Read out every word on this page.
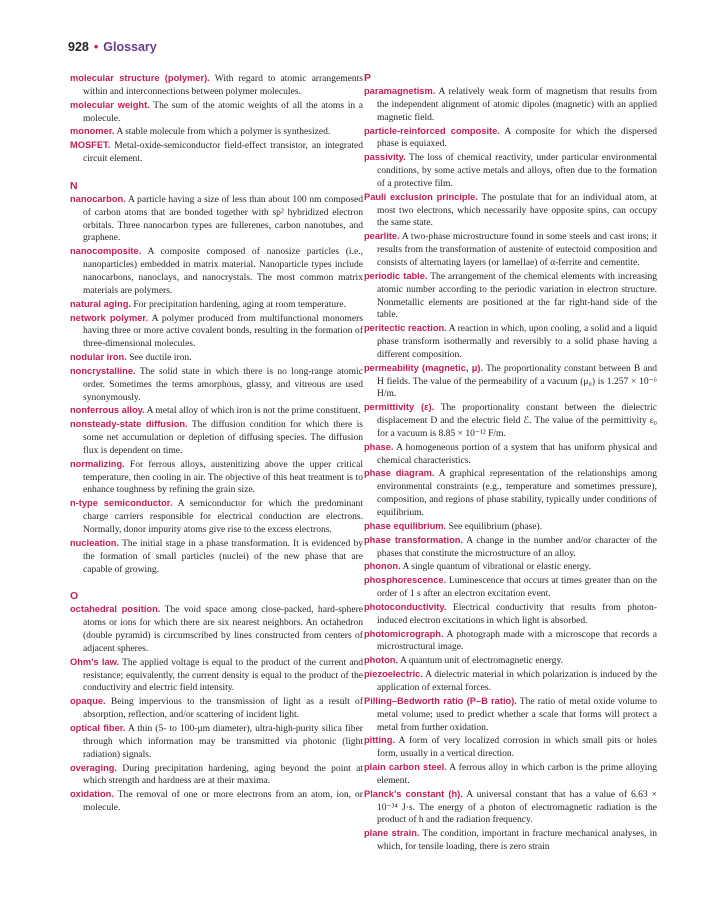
928 • Glossary

molecular structure (polymer). With regard to atomic arrangements within and interconnections between polymer molecules.

molecular weight. The sum of the atomic weights of all the atoms in a molecule.

monomer. A stable molecule from which a polymer is synthesized.

MOSFET. Metal-oxide-semiconductor field-effect transistor, an integrated circuit element.

N

nanocarbon. A particle having a size of less than about 100 nm composed of carbon atoms that are bonded together with sp² hybridized electron orbitals. Three nanocarbon types are fullerenes, carbon nanotubes, and graphene.

nanocomposite. A composite composed of nanosize particles (i.e., nanoparticles) embedded in matrix material. Nanoparticle types include nanocarbons, nanoclays, and nanocrystals. The most common matrix materials are polymers.

natural aging. For precipitation hardening, aging at room temperature.

network polymer. A polymer produced from multifunctional monomers having three or more active covalent bonds, resulting in the formation of three-dimensional molecules.

nodular iron. See ductile iron.

noncrystalline. The solid state in which there is no long-range atomic order. Sometimes the terms amorphous, glassy, and vitreous are used synonymously.

nonferrous alloy. A metal alloy of which iron is not the prime constituent.

nonsteady-state diffusion. The diffusion condition for which there is some net accumulation or depletion of diffusing species. The diffusion flux is dependent on time.

normalizing. For ferrous alloys, austenitizing above the upper critical temperature, then cooling in air. The objective of this heat treatment is to enhance toughness by refining the grain size.

n-type semiconductor. A semiconductor for which the predominant charge carriers responsible for electrical conduction are electrons. Normally, donor impurity atoms give rise to the excess electrons.

nucleation. The initial stage in a phase transformation. It is evidenced by the formation of small particles (nuclei) of the new phase that are capable of growing.

O

octahedral position. The void space among close-packed, hard-sphere atoms or ions for which there are six nearest neighbors. An octahedron (double pyramid) is circumscribed by lines constructed from centers of adjacent spheres.

Ohm’s law. The applied voltage is equal to the product of the current and resistance; equivalently, the current density is equal to the product of the conductivity and electric field intensity.

opaque. Being impervious to the transmission of light as a result of absorption, reflection, and/or scattering of incident light.

optical fiber. A thin (5- to 100-μm diameter), ultra-high-purity silica fiber through which information may be transmitted via photonic (light radiation) signals.

overaging. During precipitation hardening, aging beyond the point at which strength and hardness are at their maxima.

oxidation. The removal of one or more electrons from an atom, ion, or molecule.

P

paramagnetism. A relatively weak form of magnetism that results from the independent alignment of atomic dipoles (magnetic) with an applied magnetic field.

particle-reinforced composite. A composite for which the dispersed phase is equiaxed.

passivity. The loss of chemical reactivity, under particular environmental conditions, by some active metals and alloys, often due to the formation of a protective film.

Pauli exclusion principle. The postulate that for an individual atom, at most two electrons, which necessarily have opposite spins, can occupy the same state.

pearlite. A two-phase microstructure found in some steels and cast irons; it results from the transformation of austenite of eutectoid composition and consists of alternating layers (or lamellae) of α-ferrite and cementite.

periodic table. The arrangement of the chemical elements with increasing atomic number according to the periodic variation in electron structure. Nonmetallic elements are positioned at the far right-hand side of the table.

peritectic reaction. A reaction in which, upon cooling, a solid and a liquid phase transform isothermally and reversibly to a solid phase having a different composition.

permeability (magnetic, μ). The proportionality constant between B and H fields. The value of the permeability of a vacuum (μ₀) is 1.257 × 10⁻⁶ H/m.

permittivity (ε). The proportionality constant between the dielectric displacement D and the electric field ℰ. The value of the permittivity ε₀ for a vacuum is 8.85 × 10⁻¹² F/m.

phase. A homogeneous portion of a system that has uniform physical and chemical characteristics.

phase diagram. A graphical representation of the relationships among environmental constraints (e.g., temperature and sometimes pressure), composition, and regions of phase stability, typically under conditions of equilibrium.

phase equilibrium. See equilibrium (phase).

phase transformation. A change in the number and/or character of the phases that constitute the microstructure of an alloy.

phonon. A single quantum of vibrational or elastic energy.

phosphorescence. Luminescence that occurs at times greater than on the order of 1 s after an electron excitation event.

photoconductivity. Electrical conductivity that results from photon-induced electron excitations in which light is absorbed.

photomicrograph. A photograph made with a microscope that records a microstructural image.

photon. A quantum unit of electromagnetic energy.

piezoelectric. A dielectric material in which polarization is induced by the application of external forces.

Pilling–Bedworth ratio (P–B ratio). The ratio of metal oxide volume to metal volume; used to predict whether a scale that forms will protect a metal from further oxidation.

pitting. A form of very localized corrosion in which small pits or holes form, usually in a vertical direction.

plain carbon steel. A ferrous alloy in which carbon is the prime alloying element.

Planck’s constant (h). A universal constant that has a value of 6.63 × 10⁻³⁴ J·s. The energy of a photon of electromagnetic radiation is the product of h and the radiation frequency.

plane strain. The condition, important in fracture mechanical analyses, in which, for tensile loading, there is zero strain
